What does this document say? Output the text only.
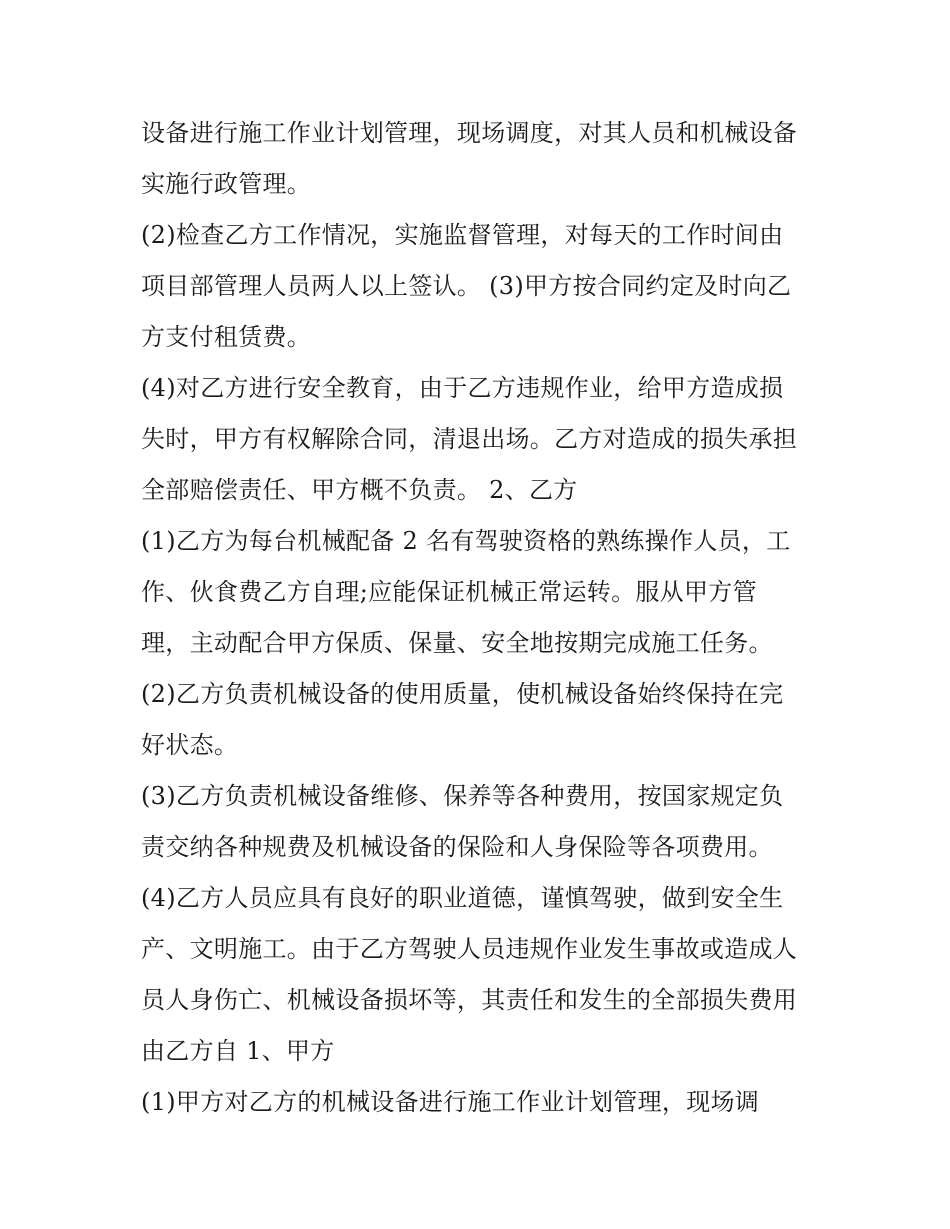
设备进行施工作业计划管理，现场调度，对其人员和机械设备
实施行政管理。
(2)检查乙方工作情况，实施监督管理，对每天的工作时间由
项目部管理人员两人以上签认。 (3)甲方按合同约定及时向乙
方支付租赁费。
(4)对乙方进行安全教育，由于乙方违规作业，给甲方造成损
失时，甲方有权解除合同，清退出场。乙方对造成的损失承担
全部赔偿责任、甲方概不负责。 2、乙方
(1)乙方为每台机械配备 2 名有驾驶资格的熟练操作人员，工
作、伙食费乙方自理;应能保证机械正常运转。服从甲方管
理，主动配合甲方保质、保量、安全地按期完成施工任务。
(2)乙方负责机械设备的使用质量，使机械设备始终保持在完
好状态。
(3)乙方负责机械设备维修、保养等各种费用，按国家规定负
责交纳各种规费及机械设备的保险和人身保险等各项费用。
(4)乙方人员应具有良好的职业道德，谨慎驾驶，做到安全生
产、文明施工。由于乙方驾驶人员违规作业发生事故或造成人
员人身伤亡、机械设备损坏等，其责任和发生的全部损失费用
由乙方自 1、甲方
(1)甲方对乙方的机械设备进行施工作业计划管理，现场调
